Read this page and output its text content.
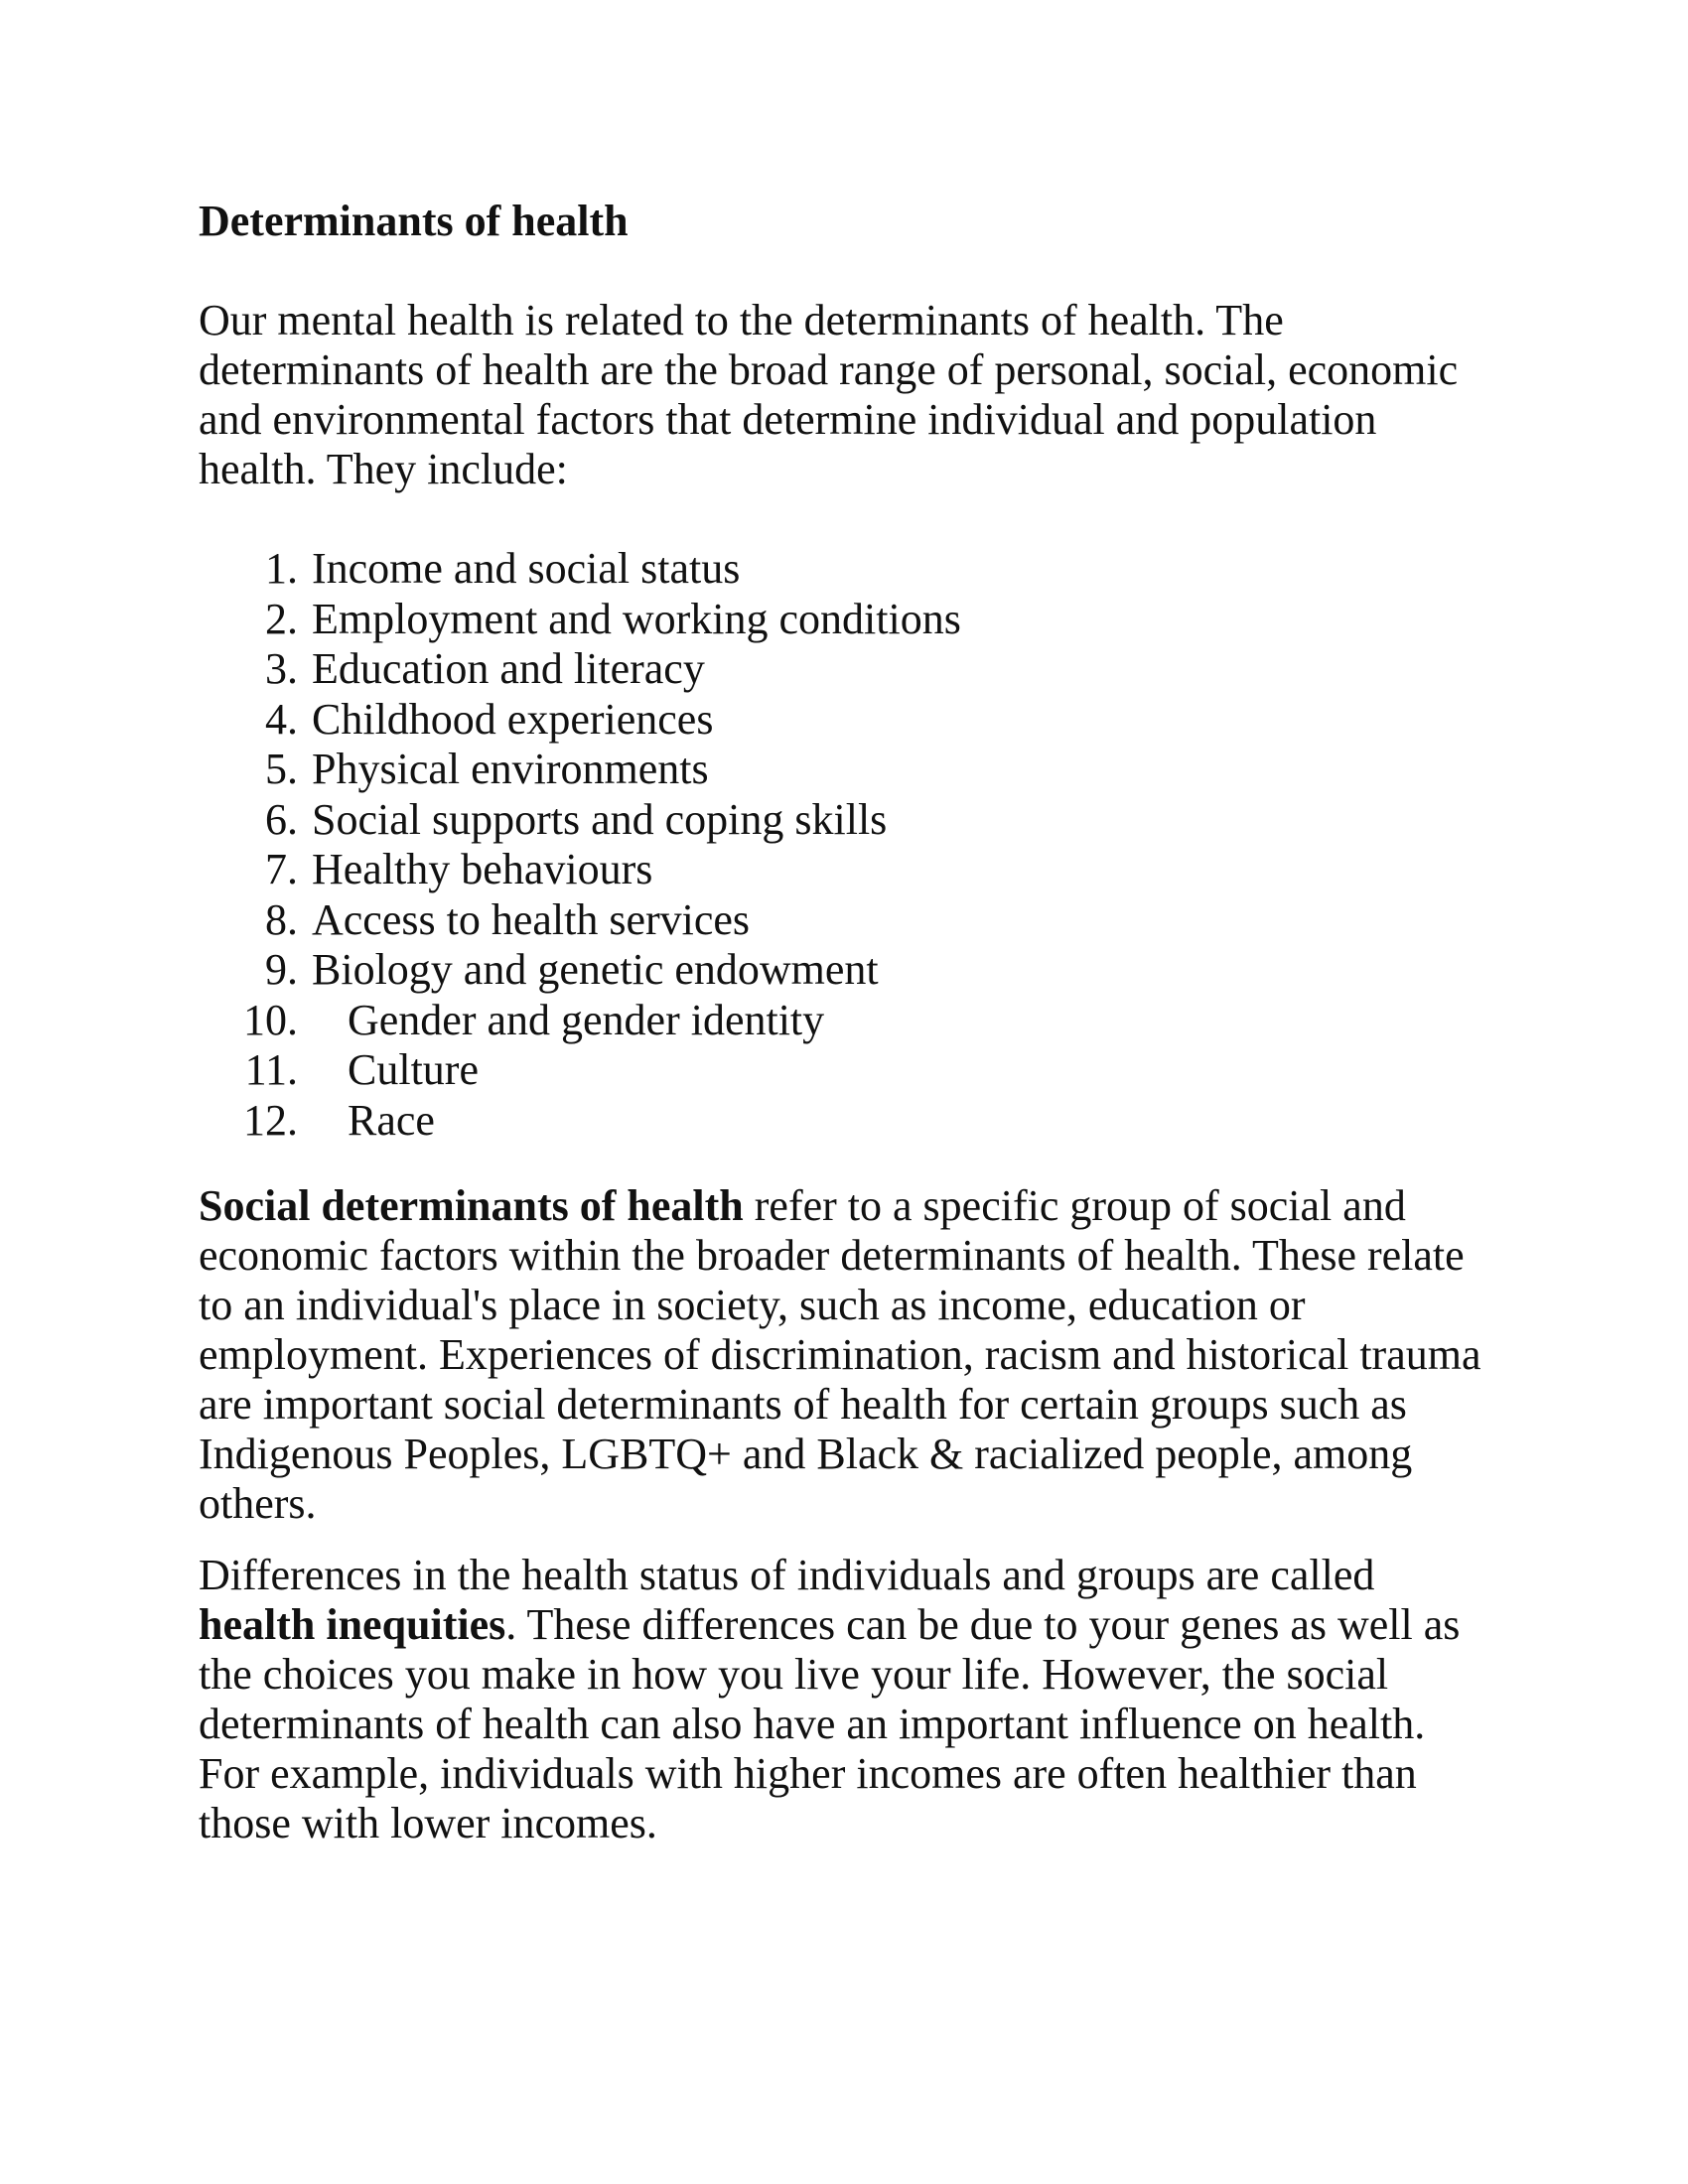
Determinants of health

Our mental health is related to the determinants of health. The determinants of health are the broad range of personal, social, economic and environmental factors that determine individual and population health. They include:

1. Income and social status
2. Employment and working conditions
3. Education and literacy
4. Childhood experiences
5. Physical environments
6. Social supports and coping skills
7. Healthy behaviours
8. Access to health services
9. Biology and genetic endowment
10. Gender and gender identity
11. Culture
12. Race

Social determinants of health refer to a specific group of social and economic factors within the broader determinants of health. These relate to an individual's place in society, such as income, education or employment. Experiences of discrimination, racism and historical trauma are important social determinants of health for certain groups such as Indigenous Peoples, LGBTQ+ and Black & racialized people, among others.

Differences in the health status of individuals and groups are called health inequities. These differences can be due to your genes as well as the choices you make in how you live your life. However, the social determinants of health can also have an important influence on health. For example, individuals with higher incomes are often healthier than those with lower incomes.
